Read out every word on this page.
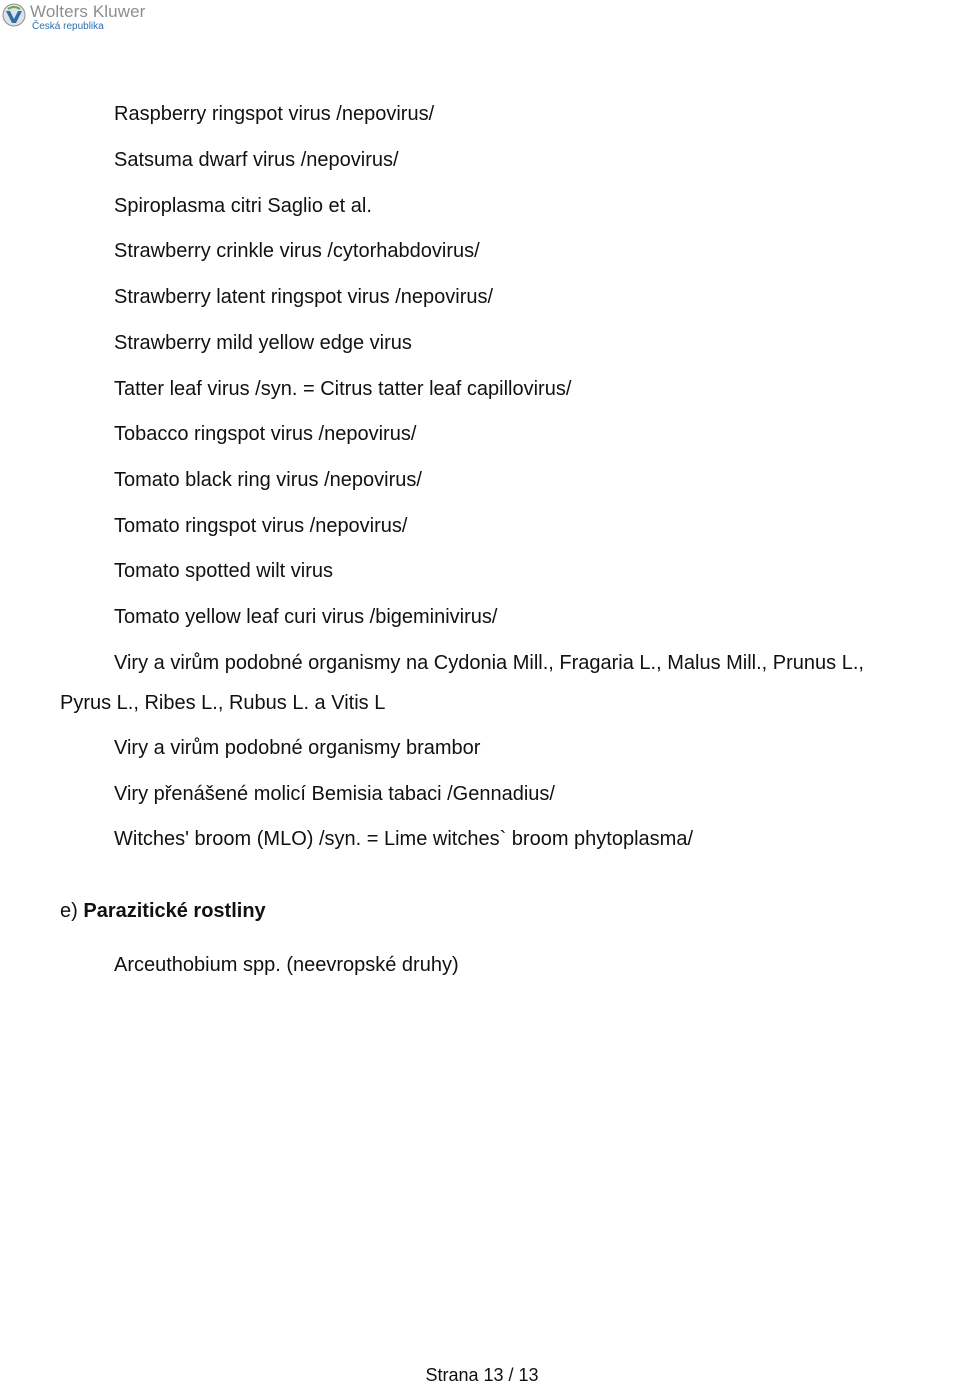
Wolters Kluwer
Česká republika
Raspberry ringspot virus /nepovirus/
Satsuma dwarf virus /nepovirus/
Spiroplasma citri Saglio et al.
Strawberry crinkle virus /cytorhabdovirus/
Strawberry latent ringspot virus /nepovirus/
Strawberry mild yellow edge virus
Tatter leaf virus /syn. = Citrus tatter leaf capillovirus/
Tobacco ringspot virus /nepovirus/
Tomato black ring virus /nepovirus/
Tomato ringspot virus /nepovirus/
Tomato spotted wilt virus
Tomato yellow leaf curi virus /bigeminivirus/
Viry a virům podobné organismy na Cydonia Mill., Fragaria L., Malus Mill., Prunus L.,
Pyrus L., Ribes L., Rubus L. a Vitis L
Viry a virům podobné organismy brambor
Viry přenášené molicí Bemisia tabaci /Gennadius/
Witches' broom (MLO) /syn. = Lime witches` broom phytoplasma/
e) Parazitické rostliny
Arceuthobium spp. (neevropské druhy)
Strana 13 / 13
